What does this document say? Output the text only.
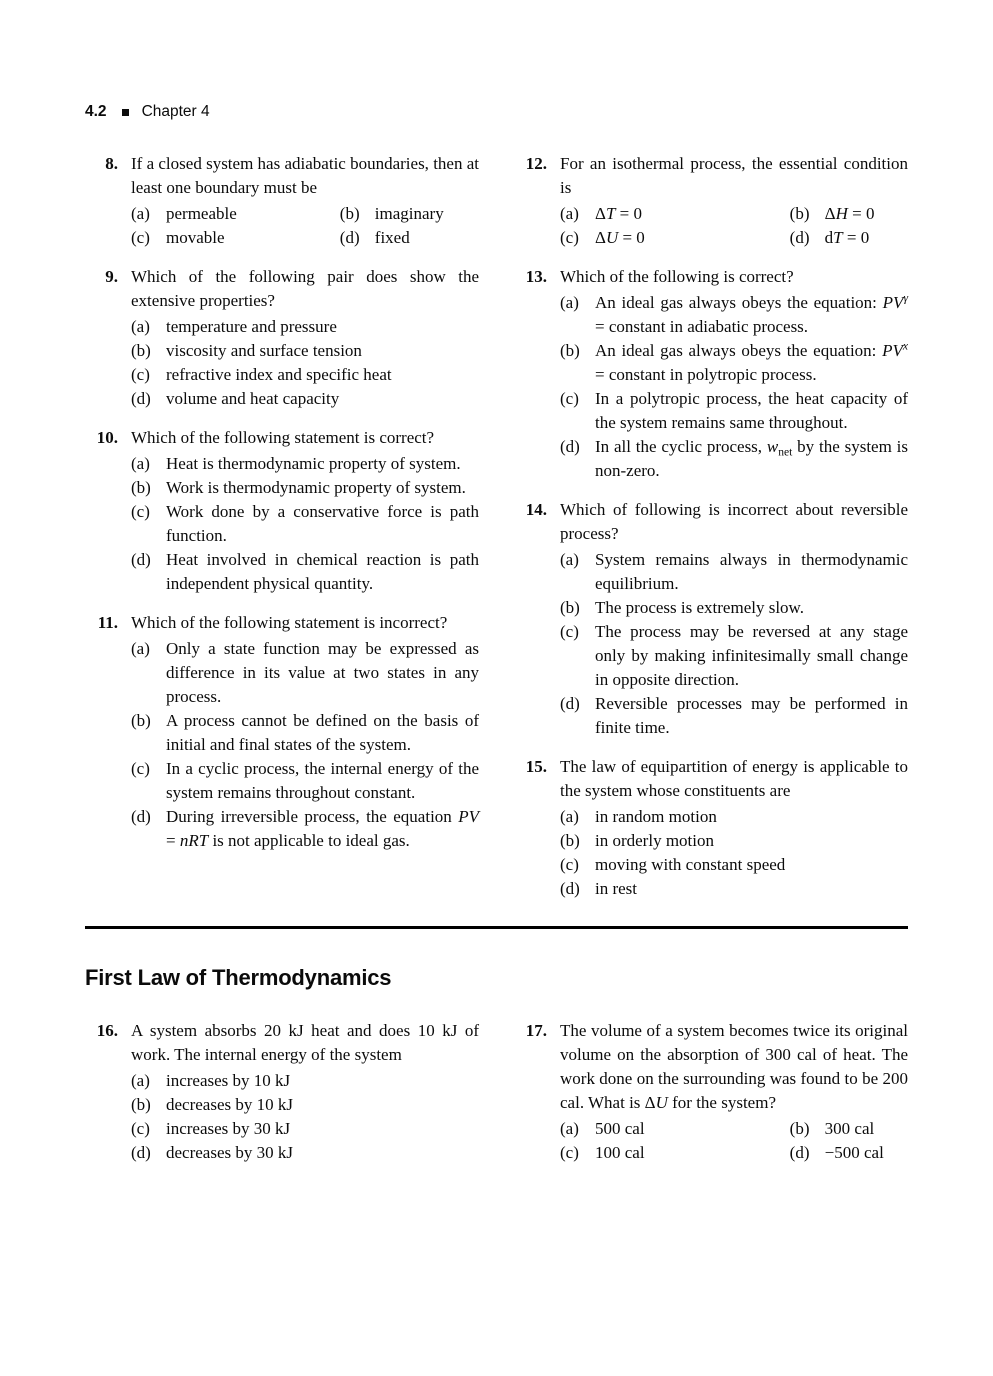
4.2 Chapter 4
8. If a closed system has adiabatic boundaries, then at least one boundary must be
(a) permeable	(b) imaginary
(c) movable	(d) fixed
9. Which of the following pair does show the extensive properties?
(a) temperature and pressure
(b) viscosity and surface tension
(c) refractive index and specific heat
(d) volume and heat capacity
10. Which of the following statement is correct?
(a) Heat is thermodynamic property of system.
(b) Work is thermodynamic property of system.
(c) Work done by a conservative force is path function.
(d) Heat involved in chemical reaction is path independent physical quantity.
11. Which of the following statement is incorrect?
(a) Only a state function may be expressed as difference in its value at two states in any process.
(b) A process cannot be defined on the basis of initial and final states of the system.
(c) In a cyclic process, the internal energy of the system remains throughout constant.
(d) During irreversible process, the equation PV = nRT is not applicable to ideal gas.
12. For an isothermal process, the essential condition is
(a) ΔT = 0	(b) ΔH = 0
(c) ΔU = 0	(d) dT = 0
13. Which of the following is correct?
(a) An ideal gas always obeys the equation: $PV^\gamma$ = constant in adiabatic process.
(b) An ideal gas always obeys the equation: $PV^x$ = constant in polytropic process.
(c) In a polytropic process, the heat capacity of the system remains same throughout.
(d) In all the cyclic process, $w_{net}$ by the system is non-zero.
14. Which of following is incorrect about reversible process?
(a) System remains always in thermodynamic equilibrium.
(b) The process is extremely slow.
(c) The process may be reversed at any stage only by making infinitesimally small change in opposite direction.
(d) Reversible processes may be performed in finite time.
15. The law of equipartition of energy is applicable to the system whose constituents are
(a) in random motion
(b) in orderly motion
(c) moving with constant speed
(d) in rest
First Law of Thermodynamics
16. A system absorbs 20 kJ heat and does 10 kJ of work. The internal energy of the system
(a) increases by 10 kJ
(b) decreases by 10 kJ
(c) increases by 30 kJ
(d) decreases by 30 kJ
17. The volume of a system becomes twice its original volume on the absorption of 300 cal of heat. The work done on the surrounding was found to be 200 cal. What is ΔU for the system?
(a) 500 cal	(b) 300 cal
(c) 100 cal	(d) −500 cal
